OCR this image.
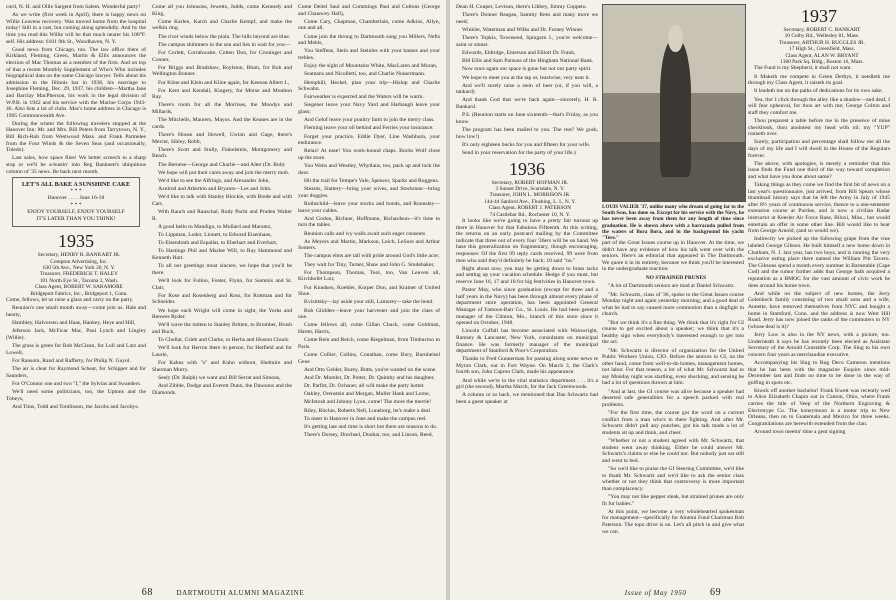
cord, N. H. and Ollie Sargent from Salem. Wonderful party!

As we write (first week in April), there is happy news on Willie Leavens recovery. Was moved home from the hospital today! Still in a cast, but coming along splendidly. And by the time you read this Willie will be that much nearer his 100°F. self. His address: 6101 9th St., Woodhaven, N. Y.

Good news from Chicago, too. The law office there of Kirkland, Fleming, Green, Martin & Ellis announces the election of Mac Thomas as a member of the firm. And on top of that a recent Monthly Supplement of Who's Who includes biographical data on the same Chicago lawyer. Tells about his admission to the Illinois bar in 1938, his marriage to Josephine Fleming, Dec. 29, 1937, his children—Martha Jane and Barclay MacPherson, his work in the legal division of W.P.B. in 1942 and his service with the Marine Corps 1943-46. Also lists a lot of clubs. Mac's home address in Chicago is 1905 Commonwealth Ave.

During the winter the following travelers stopped at the Hanover Inn: Mr. and Mrs. Bill Peters from Tarrytown, N. Y., Bill Rich-Rob from Westwood Mass. and Frank Parmelee from the Four Winds & the Seven Seas (and occasionally, Toledo).

Last sales, how space flies! We better screech to a sharp stop or we'll be a-bustin' into Reg Banknett's ubiquitous column of '35 news. Be back next month.

LET'S ALL BAKE A SUNSHINE CAKE
* * *
Hanover . . . . June 16-18
* * *
ENJOY YOURSELF, ENJOY YOURSELF
IT'S LATER THAN YOU THINK!
1935

Secretary, HENRY R. BANKART JR.

Compton Advertising, Inc.

630 5th Ave., New York 20, N. Y.

Treasurer, FREDERICK T. HALEY

101 North Eye St., Tacoma 3, Wash.

Class Agent, ROBERT W. SARAMORE

Bridgeport Fabrics, Inc., Bridgeport 1, Conn.

Come, fellows, let us raise a glass and carry on the party.

Reunion's one small month away—come join us. Hale and hearty,

Hambley, Halvorsen and Haas, Hankey, Heye and Hill,

Jeferson Jack, McFicar Mac, Paul Lynch and Lingley (Willie).

The grass is green for Bob McClean, for Lull and Lutz and Lowell,

For Ransom, Rand and Rafferty, for Philip N. Guyol.

The air is clear for Raymond Schear, for Schipper and for Saunders,

For O'Connor one and two "I," the Sylvias and Swanders.

We'll need some politicians, too, the Uptons and the Tobeys,

And Titus, Todd and Tomlinson, the Jacobs and Jacobys.

Come all you Johnsons, Jewetts, Judds, come Kennedy and King,

Come Karlen, Karch and Charlie Kempf, and make the welkin ring.

The river winds below the plain. The hills beyond are blue.

The campus shimmers in the sun and lies in wait for you—

For Corlett, Cornthwaite, Cotten Don, for Croninger and Conner,

For Briggs and Bradshaw, Boylston, Blum, for Bob and Wellington Bonner.

For Kline and Klein and Kline again, for Keenan Albert J.,

For Kent and Kendall, Kingery, for Morse and Moulton Ray.

There's room for all the Morrises, the Moodys and Millards,

The Mitchells, Maurers, Mayos. And the Keanes are in the cards.

There's House and Howell, Gwinn and Gage, there's Mercer, Sibley, Robb,

There's Scott and Stully, Finkelstein, Montgomery and Beach.

The Bernese—George and Charlie—and Alter (Dr. Bob)

We hope will put their cares away and join the merry mob.

We'd like to see the Alfrings, and Alexander John,

Axelrod and Atherton and Bryants—Les and John.

We'd like to talk with Stanley Blockie, with Brede and with Carr,

With Rauch and Rauschal, Rudy Pacht and Pruden Walter R.

A good hello to Mandigo, to Mullard and Marantz,

To Lippman, Loder, Lionett, to Edward Eisenhaus,

To Eisendrath and Espallat, to Eberhart and Everhart,

To Hastings Phil and Marlee Will, to Ray Hammond and Kenneth Hart.

To all our greetings most sincere, we hope that you'll be there.

We'll look for Fullon, Foster, Flynn, for Sammis and St. Clair,

For Rose and Rosenberg and Ross, for Rottman and for Schneider.

We hope each Wright will come in sight, the Yorks and Renwes Ryder.

We'll wave the mitten to Stanley Britten, to Bromber, Brush and Buck,

To Chollar, Grieb and Clarke, to Herbs and Huston Chuck.

We'll look for Herron there in person, for Hetfield and for Laurie,

For Kahns with "s" and Kuhn without, Shelmire and Sherman Murry.

Seely (Dr. Ralph) we want and Bill Serrat and Simons,

And Zibble, Dodge and Everett Dunn, the Dawsons and the Diamonds.

Come Deitel Saul and Cummings Paul and Coltons (George and Chauncey Hall),

Come Cary, Chapman, Chamberlain, come Adkins, Allyn, one and all.

Come join the throng to Dartmouth song you Millers, Nefts and Mehls,

You Steffens, Stein and Steinles with your basses and your trebles.

Enjoy the sight of Mountains White, MacLaren and Moran,

Seamans and Nicolletti, too, and Charlie Nussermann.

Hemphill, Heckel, plan your trip—Hislop and Charlie Schwahn.

Fairweather is expected and the Waters will be warm.

Siegener leave your Navy Yard and Harbaugh leave your glass;

And Gelof leave your poultry farm to join the merry class.

Fleming leave your oil behind and Ferries your insurance.

Forget your practice, Eddie Dyer, Line Washburn, your endurance.

Relax! At ease! You work-bound chaps. Bucks Wolf close up the store.

You Weits and Westley, Whytlaus, too, pack up and lock the door.

Hit the trail for Tempe's Vale, Spencer, Sparks and Roggens.

Stearns, Slattery—bring your wives, and Stockman—bring your doggies.

Rothschild—leave your stocks and bonds, and Rounsley—leave your cables.

And Godon, Richner, Hoffmann, Richardson—it's time to turn the tables.

Reunion calls and ivy walls await such eager consents

As Meyers and Martin, Markson, Leich, LeSure and Arthur Somers.

The campus elms are tall with pride around God's little acre;

They wait for Tiny, Turner, Shaw and John G. Studebaker,

For Thompson, Thomas, Tool, too, Van Leuven all, Kirchhofer Lou;

For Knudsen, Koehler, Korper Don, and Kramer of United Shoe.

Kvistitsky—lay aside your still, Lamorey—take the bend.

Bob Glidden—leave your harvester and join the class of one.

Come fellows all, come Gillan Chuck, come Goldman, Harter, Harris,

Come Rein and Reich, come Riegelman, from Timbuctoo to Paris.

Come Collier, Collins, Conathan, come Bury, Burnheisel Gene

And Otto Gelder, Burey, Butts, you're wanted on the scene.

And Dr. Mumler, Dr. Potter, Dr. Quimby and his daughter,

Dr. Parfitt, Dr. Ochsner, all will make the party hotter.

Oakley, Orenstein and Morgan, Muller Hank and Lorne,

McIntosh and Johnny Lyon, come! The more the merrie!

Riley, Ritchie, Roberts Nell, Luneborg, let's make a deal

To meet in Hanover in June and make the campus reel.

It's getting late and time is short but there are reasons to do.

There's Dorsey, Drechsel, Dunbar, too, and Linson, Reed,

68	DARTMOUTH ALUMNI MAGAZINE

Dean H. Couper, Levison, there's Libbey, Jimmy Coppeto.

There's Donner Reagan, Sammy Rees and many more we need;

Winkler, Waterman and Wilks and Dr. Forney Winner.

There's Topkis, Townsend, Spingarn J., you're welcome—saint or sinner.

Edwards, Eldridge, Emerson and Elliott Dr. Frank,

Bill Ellis and Sam Parsons of the Hingham National Bank.

Now once again our space is gone but not our party spirit.

We hope to meet you at the tap or, leastwise, very near it.

And we'll surely raise a stein of beer (or, if you will, a tankard)

And thank God that we're back again—sincerely, H. R. Bankard.

P.S. (Reunion starts on June sixteenth—that's Friday, as you know.

The program has been mailed to you. The rest? We gosh, how low!)

It's only eighteen bucks for you and fifteen for your wife.

Send in your reservation for the party of your life.)

1936

Secretary, ROBERT HOFMAN JR.

3 Sunset Drive, Scarsdale, N. Y.

Treasurer, JOHN L. MORRISON JR.

144-44 Sanford Ave., Flushing, L. I., N. Y.

Class Agent, ROBERT J. PATERSON

74 Castlebar Rd., Rochester 10, N. Y.

It looks like we're going to have a pretty fair turnout up there in Hanover for that Fabulous Fifteenth. At this writing, the returns on an early postcard mailing by the Committee indicate that three out of every four '36ers will be on hand. We base this generalization on fragmentary, though encouraging, responses: Of the first 99 reply cards received, 99 were from men who said they'd definitely be back; 10 said "no."

Right about now, you may be getting down to brass tacks and setting up your vacation schedule. Hedge if you must, but reserve June 16, 17 and 18 for big festivities in Hanover town.

Pastor May, who since graduation (except for three and a half years in the Navy) has been through almost every phase of department store operation, has been appointed General Manager of Famous-Barr Co., St. Louis. He had been general manager of the Clinton, Mo., branch of this store since it opened on October, 1948.

Lincoln Cuffall has become associated with Wainwright, Ramsey & Lancaster, New York, consultants on municipal finance. He was formerly manager of the municipal department of Stanford & Poor's Corporation.

Thanks to Fred Gunnerman for passing along some news re Myron Clark, out in Fort Wayne. On March 3, the Clark's fourth son, John Capron Clark, made his appearance.

And while we're in the vital statistics department . . . it's a girl (the second), Martha March, for the Jack Greenwoods.

A column or so back, we mentioned that Dan Schwartz had been a guest speaker at

LOUIS VALIER '37, unlike many who dream of going far to the South Seas, has done so. Except for his service with the Navy, he has never been away from them for any length of time since graduation. He is shown above with a barracuda pulled from the waters of Bora Bora, and in the background his yacht "Tere."

part of the Great Issues course up in Hanover. At the time, we didn't have any evidence of how his talk went over with the seniors. Here's an editorial that appeared in The Dartmouth. We quote it in its entirety, because we think you'll be interested in the undergraduate reaction:

NO STRAINED PRUNES

"A lot of Dartmouth seniors are mad at Daniel Schwartz.

"Mr. Schwartz, class of '36, spoke to the Great Issues course Monday night and again yesterday morning, and a good deal of what he had to say caused more commotion than a dogfight in church.

"But we think it's a fine thing. We think that it's right for GI course to get excited about a speaker; we think that it's a healthy sign when everybody's interested enough to get into the act.

"Mr. Schwartz is director of organization for the United Public Workers Union, CIO. Before the seniors in GI, on the other hand, come from well-to-do homes, management homes, not labor. For that reason, a lot of what Mr. Schwartz had to say Monday night was startling, even shocking, and sensing he had a lot of questions thrown at him.

"And at last, the GI course was alive because a speaker had deserted safe generalities for a speech packed with real problems.

"For the first time, the course got the word on a current conflict from a man who's in there fighting. And after Mr. Schwartz didn't pull any punches, got his talk made a lot of students sit up and think, and cheer.

"Whether or not a student agreed with Mr. Schwartz, that student went away thinking. Either he could answer Mr. Schwartz's claims or else he could not. But nobody just sat still and went to bed.

"So we'd like to praise the GI Steering Committee, we'd like to thank Mr. Schwartz and we'd like to ask the senior class whether or not they think that controversy is more important than complacency.

"You may not like pepper steak, but strained prunes are only fit for babies."

At this point, we become a very wholehearted spokesman for management—specifically for Alumni Fund Chairman Bob Paterson. The topo drive is on. Let's all pitch in and give what we can.

1937

Secretary, ROBERT C. BANKART

10 Colby Rd., Wellesley 81, Mass.

Treasurer, ARTHUR H. RUGGLES JR.

17 High St., Greenfield, Mass.

Class Agent, ALAN W. BRYANT

1180 Park Sq. Bldg., Boston 16, Mass.

The Fund is my Shepherd, it shall not want.

It Maketh me compete in Green Derbys, it needleth me through my Class Agent, it raiseth its goal.

It leadeth me on the paths of dedications for its own sake.

Yea, tho' I click through the alley like a shadow—and deaf, I will fear upheaval, for thou art with me; George Colton and staff they comfort me.

Thou preparest a table before me in the presence of mine checkbook, thou anointest my head with oil; my "YUP" runneth over.

Surely, participation and percentage shall follow me all the days of my life and I will dwell in the House of the Regulars forever.

The above, with apologies, is merely a reminder that this issue finds the Fund one third of the way toward completion and what have you done about same?

Taking things as they come we find the first bit of news on a last year's questionnaire, just arrived, from Bill Spears whose thumbnail history says that he left the Army in July of 1945 after 8½ years of continuous service, thence to a one-semester extension course at Purdue, and is now a civilian Radar instructor at Keesler Air Force Base, Biloxi, Miss., but would entertain an offer in some other line. Bill would like to hear from George Arnold, (and so would we).

Indirectly we picked up the following grape from the vine labeled George Gibson. He built himself a new home down in Chatham, N. J. last year, has two boys, and is running the very exclusive eating place there named the William Pitt Tavern. The Gibsons spend a month every summer in Barnstable (Cape Cod) and the rumor further adds that George hath acquired a reputation as a BMOC for the vast amount of civic work he does around his home town.

And while on the subject of new homes, the Jerry Golenbock family consisting of two small sons and a wife, Annette, have removed themselves from NYC and bought a home in Stamford, Conn. and the address is now West Hill Road. Jerry has now joined the ranks of the commuters to NY (whose deal is it)?

Jerry Low is also in the NY news, with a picture, too. Underneath it says he has recently been elected as Assistant Secretary of the Arnold Constable Corp. The Slug to his own concern four years as merchandise executive.

Accompanying his Slug to Rug Deco Cameron mentions that he has been with the magazine Esquire since mid-December last and finds no time to be done in the way of golfing in spots etc.

Knock off another bachelor! Frank Kwett was recently wed to Alice Elizabeth Chapin out in Canton, Ohio, where Frank carries the title of Veep of the Northern Engraving & Electrotype Co. The honeymoon is a motor trip to New Orleans, then on to Guatemala and Mexico for three weeks. Congratulations are herewith extended from the clan.

Around town meetin' time a gent signing

Issue of May 1950 69
